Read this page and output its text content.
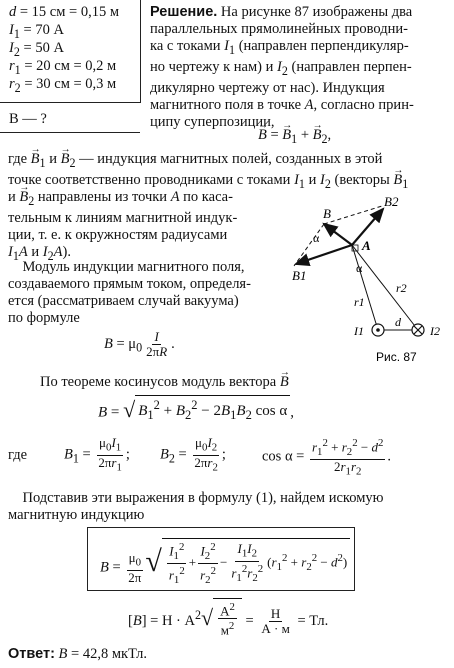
d = 15 см = 0,15 м
$I_1 = 70$ А
$I_2 = 50$ А
$r_1 = 20$ см = 0,2 м
$r_2 = 30$ см = 0,3 м
B — ?
Решение. На рисунке 87 изображены два
параллельных прямолинейных проводни-
ка с токами $I_1$ (направлен перпендикуляр-
но чертежу к нам) и $I_2$ (направлен перпен-
дикулярно чертежу от нас). Индукция
магнитного поля в точке A, согласно прин-
ципу суперпозиции,
→ B = → $B_1$ + → $B_2$,
где → $B_1$ $и \to B_2$ — индукция магнитных полей, созданных в этой
точке соответственно проводниками с токами $I_1$ и $I_2$ (векторы → $B_1$
$и \to B_2$ направлены из точки A по каса-
тельным к линиям магнитной индук-
ции, т. е. к окружностям радиусами
$I_1A$ и $I_2A$).
Модуль индукции магнитного поля,
создаваемого прямым током, определя-
ется (рассматриваем случай вакуума)
по формуле
$B = \mu_0 \frac{I}{2\pi R}$ .
B
B2
B1
A
α
α
r1
r2
d
I1	I2
Рис. 87
По теореме косинусов модуль вектора → B
B = √ $B_1^2 + B_2^2 - 2B_1B_2$ cos α ,
где	$B_1 = \frac{\mu_0I_1}{2\pi r_1}$ ; $B_2 = \frac{\mu_0I_2}{2\pi r_2}$ ; $\cos \alpha = \frac{r_1^2 + r_2^2 - d^2}{2r_1r_2}$ .
Подставив эти выражения в формулу (1), найдем искомую
магнитную индукцию
$B = \frac{\mu_0}{2\pi}$ √ $\frac{I_1^2}{r_1^2} + \frac{I_2^2}{r_2^2} - \frac{I_1I_2}{r_1^2r_2^2} (r_1^2 + r_2^2 - d^2)$
$[B] = Н \cdot А^2$ √ $\frac{А^2}{м^2} = \frac{Н}{А \cdot м}$ = Тл.
Ответ: B = 42,8 мкТл.
